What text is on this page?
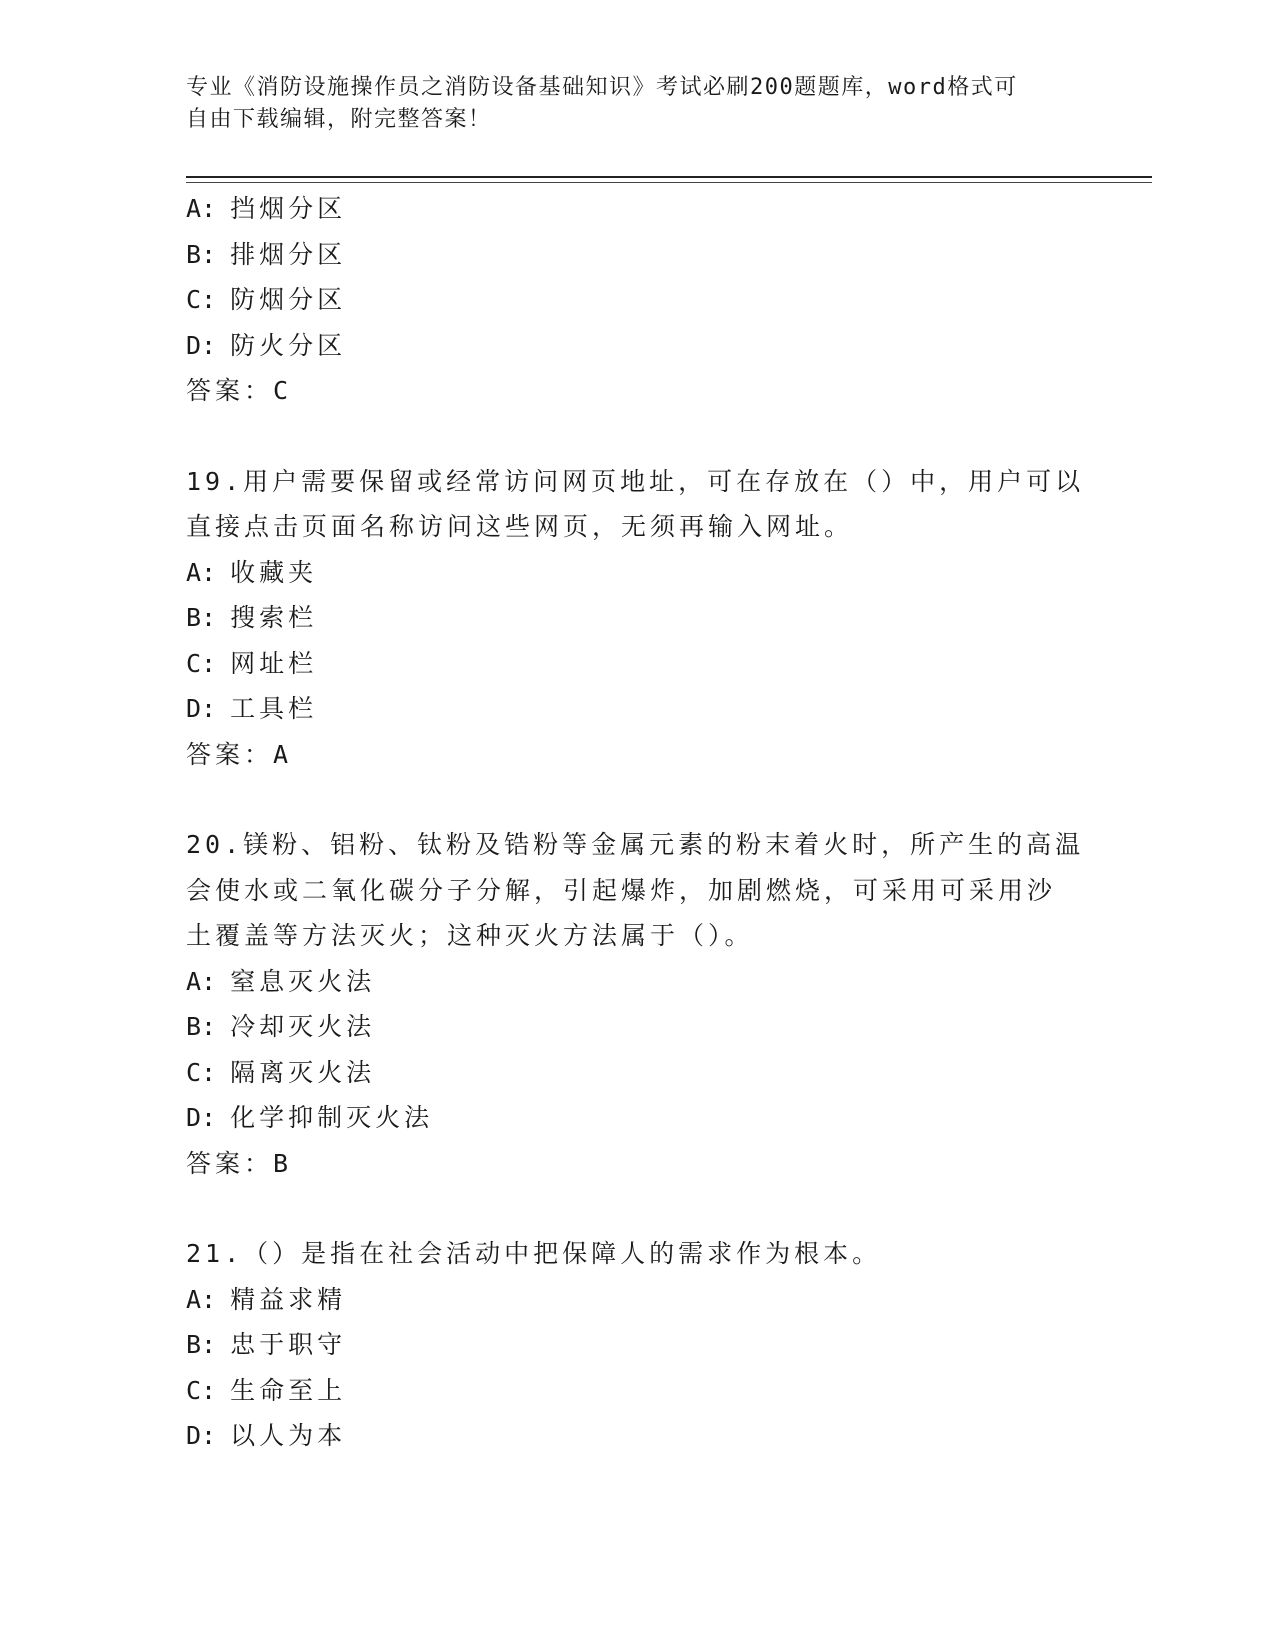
专业《消防设施操作员之消防设备基础知识》考试必刷200题题库，word格式可
自由下载编辑，附完整答案！
A: 挡烟分区
B: 排烟分区
C: 防烟分区
D: 防火分区
答案：C
19.用户需要保留或经常访问网页地址，可在存放在（）中，用户可以
直接点击页面名称访问这些网页，无须再输入网址。
A: 收藏夹
B: 搜索栏
C: 网址栏
D: 工具栏
答案：A
20.镁粉、铝粉、钛粉及锆粉等金属元素的粉末着火时，所产生的高温
会使水或二氧化碳分子分解，引起爆炸，加剧燃烧，可采用可采用沙
土覆盖等方法灭火；这种灭火方法属于（）。
A: 窒息灭火法
B: 冷却灭火法
C: 隔离灭火法
D: 化学抑制灭火法
答案：B
21.（）是指在社会活动中把保障人的需求作为根本。
A: 精益求精
B: 忠于职守
C: 生命至上
D: 以人为本
